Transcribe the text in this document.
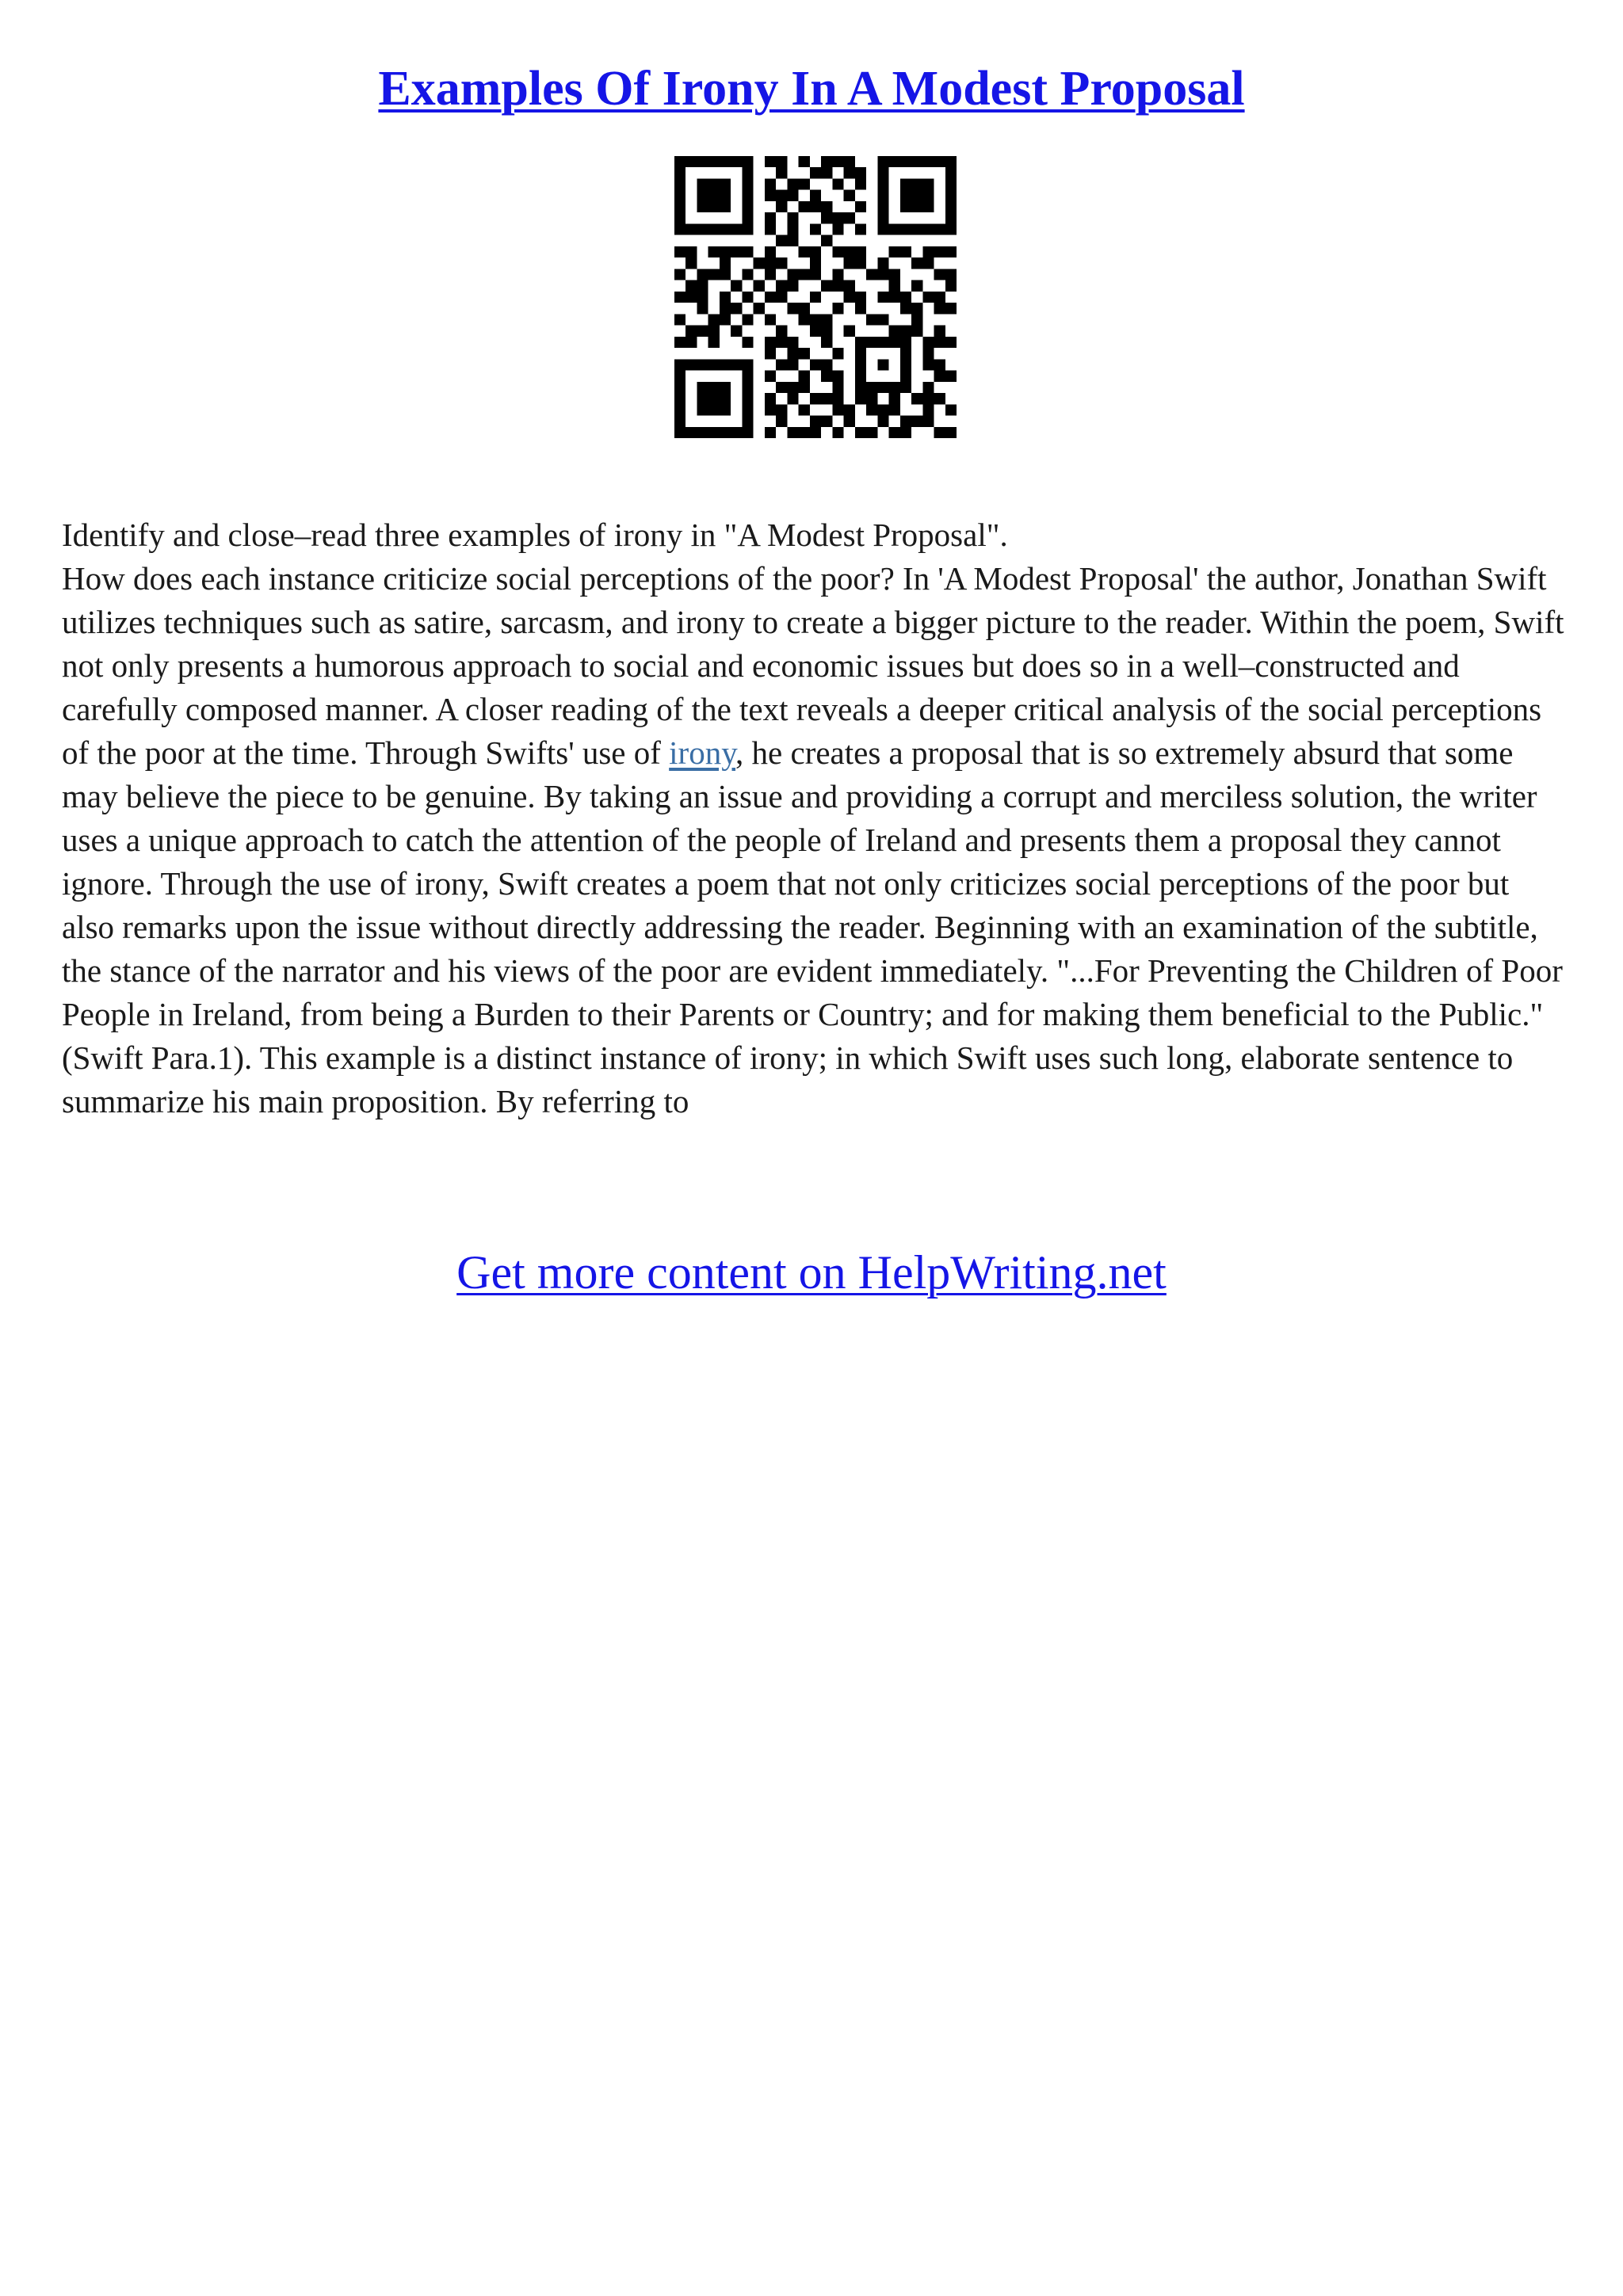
Examples Of Irony In A Modest Proposal

Identify and close–read three examples of irony in "A Modest Proposal".

How does each instance criticize social perceptions of the poor? In 'A Modest Proposal' the author, Jonathan Swift utilizes techniques such as satire, sarcasm, and irony to create a bigger picture to the reader. Within the poem, Swift not only presents a humorous approach to social and economic issues but does so in a well–constructed and carefully composed manner. A closer reading of the text reveals a deeper critical analysis of the social perceptions of the poor at the time. Through Swifts' use of irony, he creates a proposal that is so extremely absurd that some may believe the piece to be genuine. By taking an issue and providing a corrupt and merciless solution, the writer uses a unique approach to catch the attention of the people of Ireland and presents them a proposal they cannot ignore. Through the use of irony, Swift creates a poem that not only criticizes social perceptions of the poor but also remarks upon the issue without directly addressing the reader. Beginning with an examination of the subtitle, the stance of the narrator and his views of the poor are evident immediately. "...For Preventing the Children of Poor People in Ireland, from being a Burden to their Parents or Country; and for making them beneficial to the Public." (Swift Para.1). This example is a distinct instance of irony; in which Swift uses such long, elaborate sentence to summarize his main proposition. By referring to

Get more content on HelpWriting.net
